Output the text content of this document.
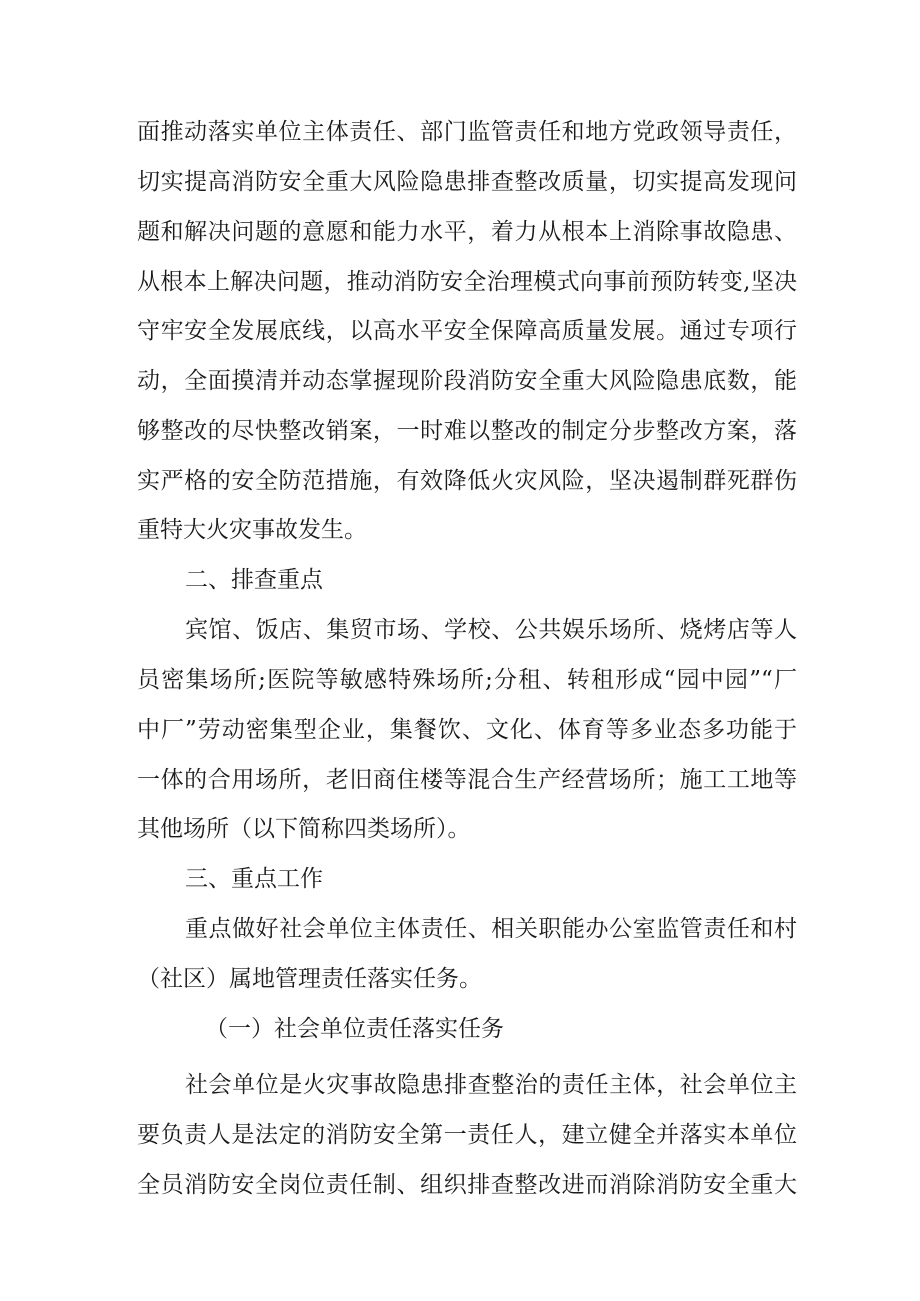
面推动落实单位主体责任、部门监管责任和地方党政领导责任，
切实提高消防安全重大风险隐患排查整改质量，切实提高发现问
题和解决问题的意愿和能力水平，着力从根本上消除事故隐患、
从根本上解决问题，推动消防安全治理模式向事前预防转变,坚决
守牢安全发展底线，以高水平安全保障高质量发展。通过专项行
动，全面摸清并动态掌握现阶段消防安全重大风险隐患底数，能
够整改的尽快整改销案，一时难以整改的制定分步整改方案，落
实严格的安全防范措施，有效降低火灾风险，坚决遏制群死群伤
重特大火灾事故发生。
二、排查重点
宾馆、饭店、集贸市场、学校、公共娱乐场所、烧烤店等人
员密集场所;医院等敏感特殊场所;分租、转租形成“园中园”“厂
中厂”劳动密集型企业，集餐饮、文化、体育等多业态多功能于
一体的合用场所，老旧商住楼等混合生产经营场所；施工工地等
其他场所（以下简称四类场所）。
三、重点工作
重点做好社会单位主体责任、相关职能办公室监管责任和村
（社区）属地管理责任落实任务。
（一）社会单位责任落实任务
社会单位是火灾事故隐患排查整治的责任主体，社会单位主
要负责人是法定的消防安全第一责任人，建立健全并落实本单位
全员消防安全岗位责任制、组织排查整改进而消除消防安全重大
